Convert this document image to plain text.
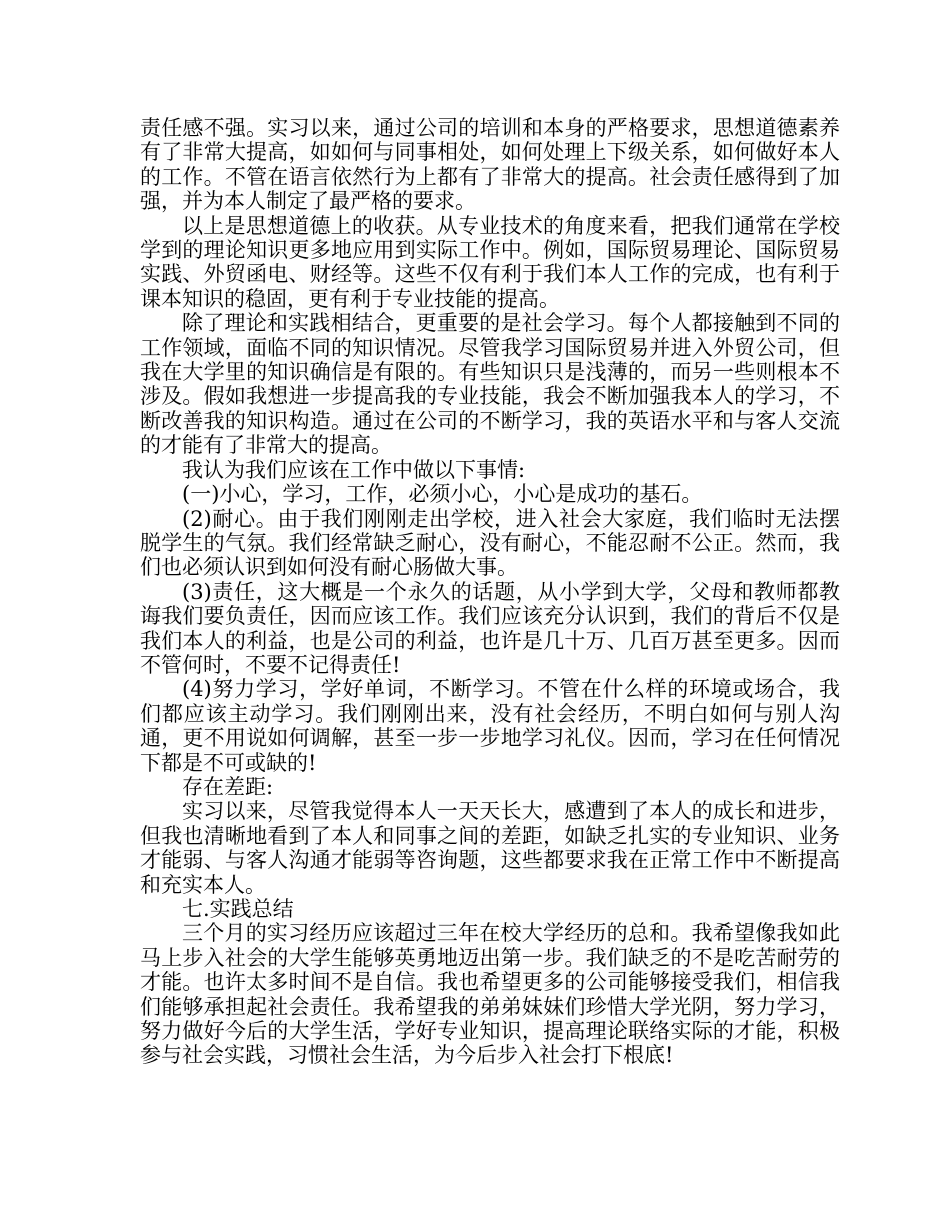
责任感不强。实习以来，通过公司的培训和本身的严格要求，思想道德素养有了非常大提高，如如何与同事相处，如何处理上下级关系，如何做好本人的工作。不管在语言依然行为上都有了非常大的提高。社会责任感得到了加强，并为本人制定了最严格的要求。

以上是思想道德上的收获。从专业技术的角度来看，把我们通常在学校学到的理论知识更多地应用到实际工作中。例如，国际贸易理论、国际贸易实践、外贸函电、财经等。这些不仅有利于我们本人工作的完成，也有利于课本知识的稳固，更有利于专业技能的提高。

除了理论和实践相结合，更重要的是社会学习。每个人都接触到不同的工作领域，面临不同的知识情况。尽管我学习国际贸易并进入外贸公司，但我在大学里的知识确信是有限的。有些知识只是浅薄的，而另一些则根本不涉及。假如我想进一步提高我的专业技能，我会不断加强我本人的学习，不断改善我的知识构造。通过在公司的不断学习，我的英语水平和与客人交流的才能有了非常大的提高。

我认为我们应该在工作中做以下事情:

(一)小心，学习，工作，必须小心，小心是成功的基石。

(2)耐心。由于我们刚刚走出学校，进入社会大家庭，我们临时无法摆脱学生的气氛。我们经常缺乏耐心，没有耐心，不能忍耐不公正。然而，我们也必须认识到如何没有耐心肠做大事。

(3)责任，这大概是一个永久的话题，从小学到大学，父母和教师都教诲我们要负责任，因而应该工作。我们应该充分认识到，我们的背后不仅是我们本人的利益，也是公司的利益，也许是几十万、几百万甚至更多。因而不管何时，不要不记得责任!

(4)努力学习，学好单词，不断学习。不管在什么样的环境或场合，我们都应该主动学习。我们刚刚出来，没有社会经历，不明白如何与别人沟通，更不用说如何调解，甚至一步一步地学习礼仪。因而，学习在任何情况下都是不可或缺的!

存在差距:

实习以来，尽管我觉得本人一天天长大，感遭到了本人的成长和进步，但我也清晰地看到了本人和同事之间的差距，如缺乏扎实的专业知识、业务才能弱、与客人沟通才能弱等咨询题，这些都要求我在正常工作中不断提高和充实本人。

七.实践总结

三个月的实习经历应该超过三年在校大学经历的总和。我希望像我如此马上步入社会的大学生能够英勇地迈出第一步。我们缺乏的不是吃苦耐劳的才能。也许太多时间不是自信。我也希望更多的公司能够接受我们，相信我们能够承担起社会责任。我希望我的弟弟妹妹们珍惜大学光阴，努力学习，努力做好今后的大学生活，学好专业知识，提高理论联络实际的才能，积极参与社会实践，习惯社会生活，为今后步入社会打下根底!
